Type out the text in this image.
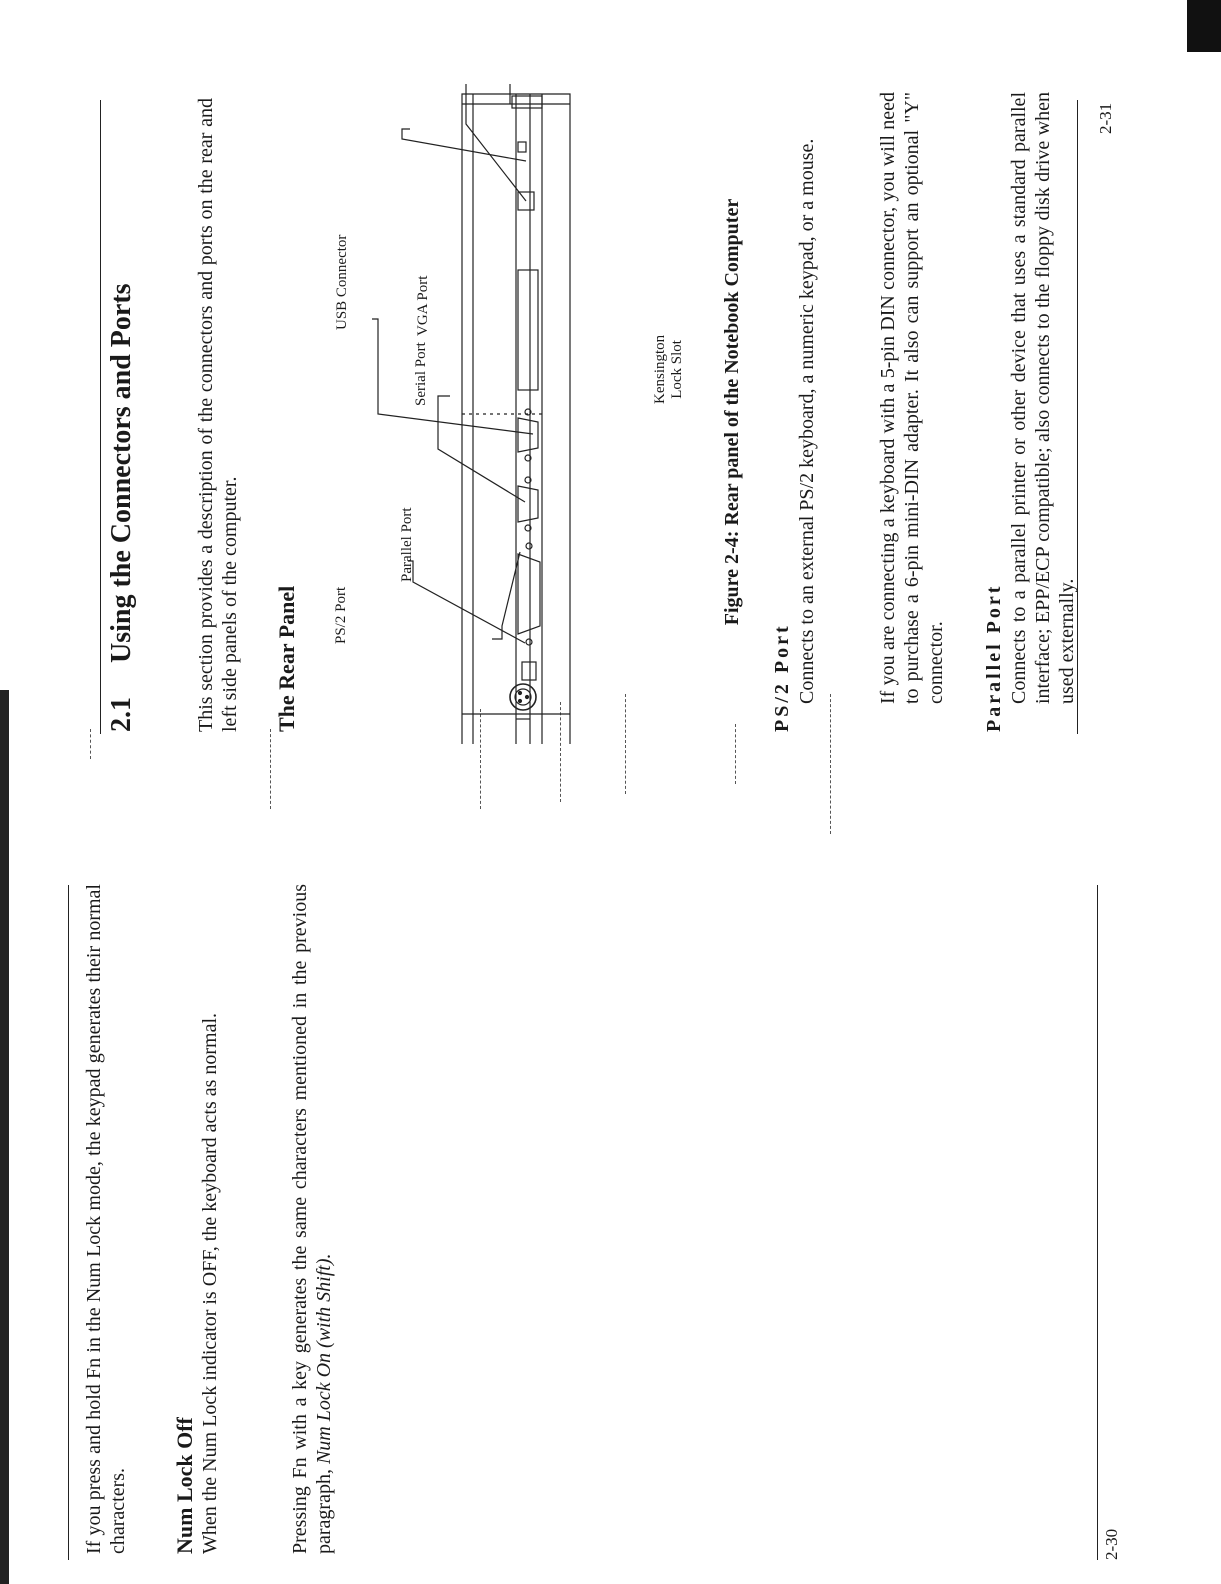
If you press and hold Fn in the Num Lock mode, the keypad generates their normal characters. Num Lock Off When the Num Lock indicator is OFF, the keyboard acts as normal.	Pressing Fn with a key generates the same characters mentioned in the previous paragraph, Num Lock On (with Shift).
2-30
2.1Using the Connectors and Ports	This section provides a description of the connectors and ports on the rear and left side panels of the computer. The Rear Panel PS/2 Port
Parallel Port
Serial Port
VGA Port
USB Connector
Kensington
Lock Slot
Figure 2-4: Rear panel of the Notebook Computer
PS/2 Port Connects to an external PS/2 keyboard, a numeric keypad, or a mouse.	If you are connecting a keyboard with a 5-pin DIN connector, you will need to purchase a 6-pin mini-DIN adapter. It also can support an optional "Y" connector. Parallel Port Connects to a parallel printer or other device that uses a standard parallel interface; EPP/ECP compatible; also connects to the floppy disk drive when used externally.
2-31
